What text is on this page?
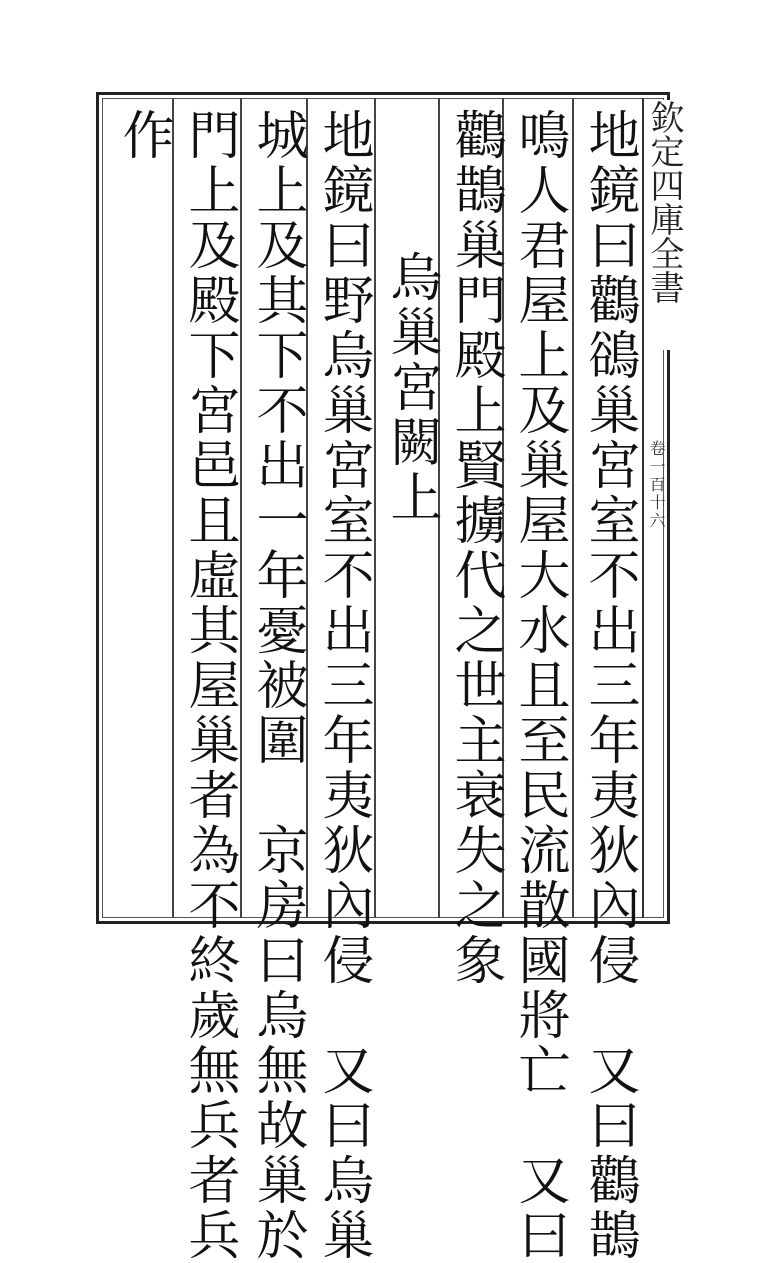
欽定四庫全書
卷一百十六
地鏡曰鸛鵒巢宮室不出三年夷狄內侵　又曰鸛鵲
鳴人君屋上及巢屋大水且至民流散國將亡　又曰
鸛鵲巢門殿上賢擄代之世主衰失之象
烏巢宮闕上
地鏡曰野烏巢宮室不出三年夷狄內侵　又曰烏巢
城上及其下不出一年憂被圍　京房曰烏無故巢於
門上及殿下宮邑且虛其屋巢者為不終歲無兵者兵
作
